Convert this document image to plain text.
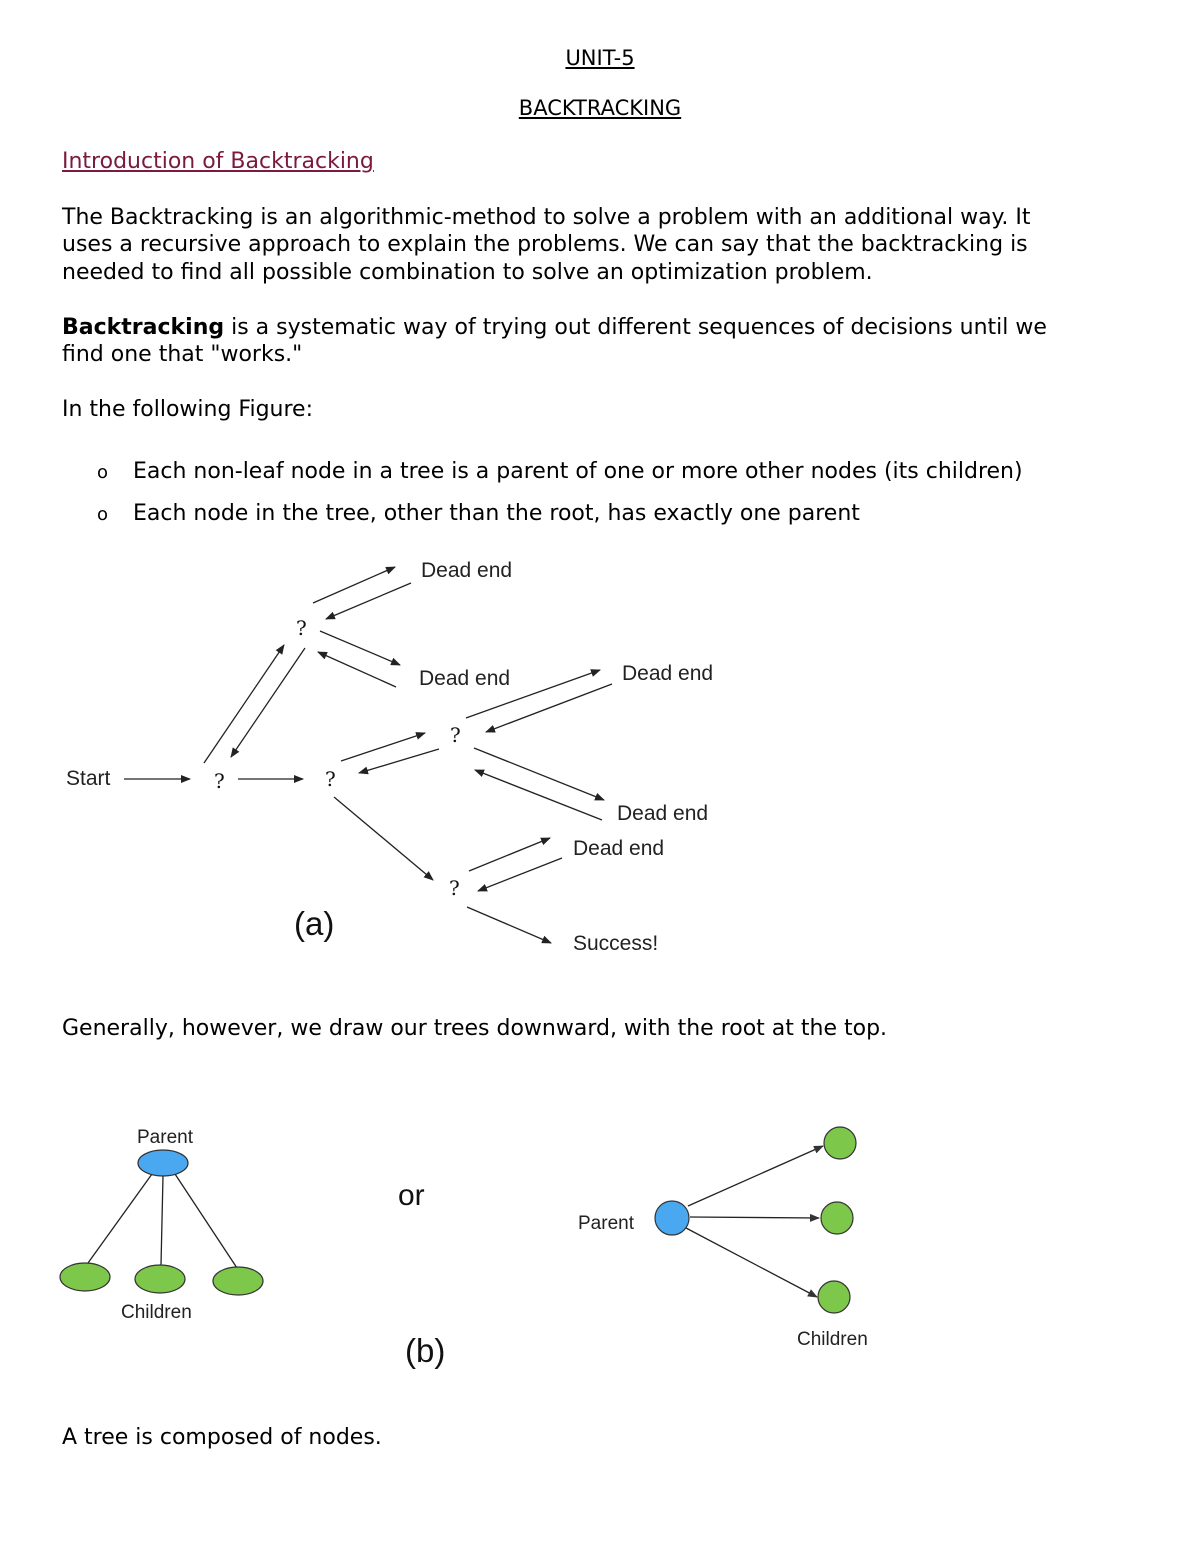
UNIT-5
BACKTRACKING
Introduction of Backtracking
The Backtracking is an algorithmic-method to solve a problem with an additional way. It
uses a recursive approach to explain the problems. We can say that the backtracking is
needed to find all possible combination to solve an optimization problem.
Backtracking is a systematic way of trying out different sequences of decisions until we
find one that "works."
In the following Figure:
o Each non-leaf node in a tree is a parent of one or more other nodes (its children)
o Each node in the tree, other than the root, has exactly one parent
Start	?
?
?
?
?
Dead end
Dead end	Dead end
Dead end
Dead end
Success!
(a)
Generally, however, we draw our trees downward, with the root at the top.
Parent
Children
or
(b)
Parent
Children
A tree is composed of nodes.
